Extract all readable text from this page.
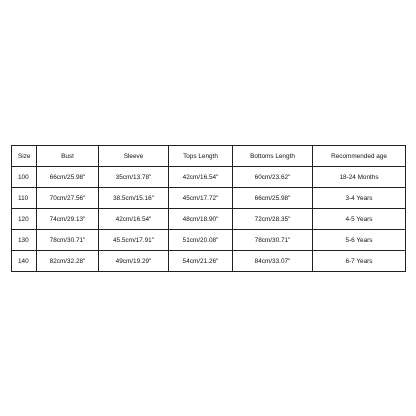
Size	Bust	Sleeve	Tops Length	Bottoms Length	Recommended age
100	66cm/25.98"	35cm/13.78"	42cm/16.54"	60cm/23.62"	18-24 Months
110	70cm/27.56"	38.5cm/15.16"	45cm/17.72"	66cm/25.98"	3-4 Years
120	74cm/29.13"	42cm/16.54"	48cm/18.90"	72cm/28.35"	4-5 Years
130	78cm/30.71"	45.5cm/17.91"	51cm/20.08"	78cm/30.71"	5-6 Years
140	82cm/32.28"	49cm/19.29"	54cm/21.26"	84cm/33.07"	6-7 Years
